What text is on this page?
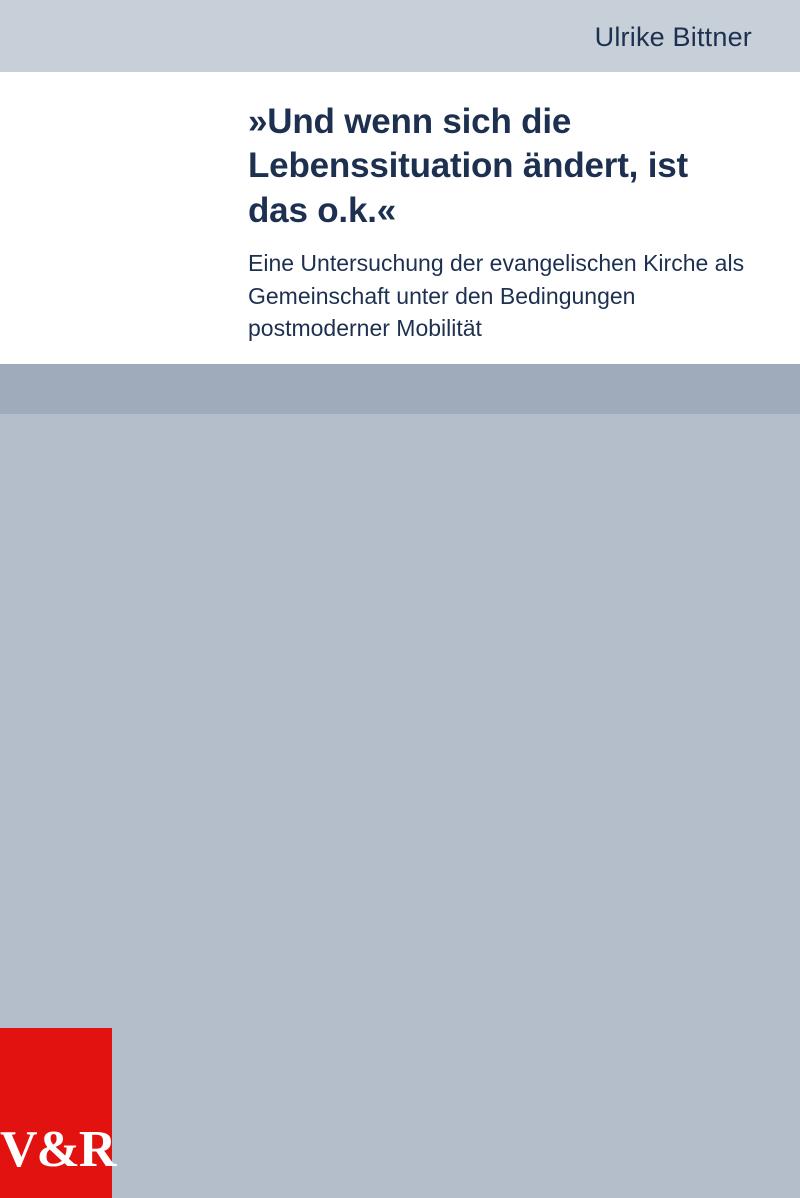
Ulrike Bittner
»Und wenn sich die Lebenssituation ändert, ist das o.k.«
Eine Untersuchung der evangelischen Kirche als Gemeinschaft unter den Bedingungen postmoderner Mobilität
V&R
